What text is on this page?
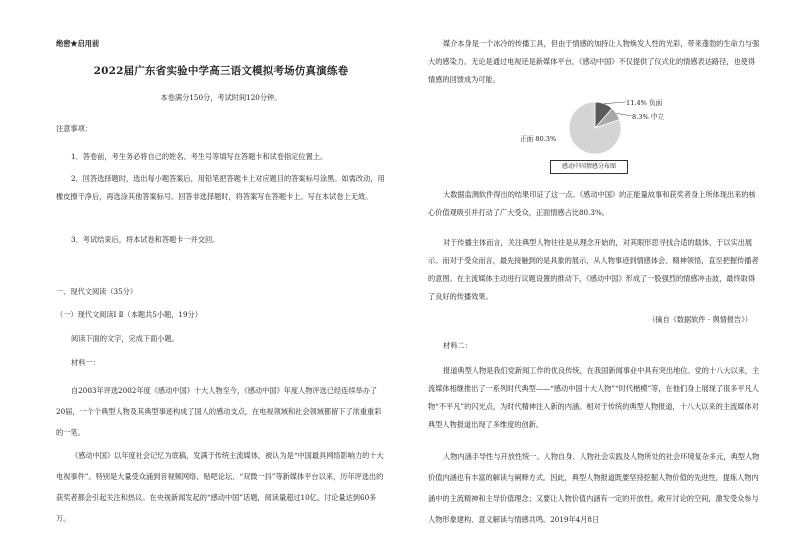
绝密★启用前
2022届广东省实验中学高三语文模拟考场仿真演练卷
本卷满分150分，考试时间120分钟。
注意事项：
1．答卷前，考生务必将自己的姓名、考生号等填写在答题卡和试卷指定位置上。
2．回答选择题时，选出每小题答案后，用铅笔把答题卡上对应题目的答案标号涂黑。如需改动，用橡皮擦干净后，再选涂其他答案标号。回答非选择题时，将答案写在答题卡上。写在本试卷上无效。
3．考试结束后，将本试卷和答题卡一并交回。
一、现代文阅读（35分）
（一）现代文阅读Ⅰ Ⅱ（本题共5小题，19分）
阅读下面的文字，完成下面小题。
材料一：
自2003年评选2002年度《感动中国》十大人物至今，《感动中国》年度人物评选已经连续举办了20届，一个个典型人物及其典型事迹构成了国人的感动支点，在电视领域和社会领域都留下了浓重重彩的一笔。
《感动中国》以年度社会记忆为底稿，发满于传统主流媒体，被认为是“中国最具网络影响力的十大电视事件”。特别是大量受众涌到音视频网络、贴吧论坛、“双微一抖”等新媒体平台以来，历年评选出的获奖者都会引起关注和热议。在央视新闻发起的“感动中国”话题，阅读量超过10亿，讨论量达到60多万。
媒介本身是一个冰冷的传播工具，但由于情感的加持让人物焕发人性的光彩，带来蓬勃的生命力与强大的感染力。无论是通过电视还是新媒体平台，《感动中国》不仅提供了仪式化的情感表达路径，也使得情感的回馈成为可能。
11.4% 负面
8.3% 中立
正面 80.3%
感动中国情感分布图
大数据监测软件得出的结果印证了这一点。《感动中国》的正能量故事和获奖者身上所体现出来的核心价值观吸引并打动了广大受众，正面情感占比80.3%。
对于传播主体而言，关注典型人物往往是从理念开始的，对其眼形思寻找合适的载体，于以实出展示。而对于受众而言，最先接触到的是具象的展示，从人物事迹到情感体会、精神领悟，直至把握传播者的意图。在主流媒体主动进行议题设置的推动下，《感动中国》形成了一股强烈的情感冲击波，最终取得了良好的传播效果。
（摘自《数据软件 · 舆情报告》）
材料二：
报道典型人物是我们党新闻工作的优良传统，在我国新闻事业中具有突出地位。党的十八大以来，主流媒体相继推出了一系列时代典型——“感动中国十大人物”“时代楷模”等，在他们身上展现了很多平凡人物“不平凡”的闪光点，为时代精神注入新的内涵。相对于传统的典型人物报道，十八大以来的主流媒体对典型人物报道出现了多维度的创新。
人物内涵手导性与开放性统一。人物自身、人物社会实践及人物所处的社会环境复杂多元，典型人物价值内涵也有丰富的解读与阐释方式。因此，典型人物报道既要坚持挖掘人物价值的先进性，提炼人物内涵中的主流精神和主导价值理念；又要让人物价值内涵有一定的开放性，敞开讨论的空间，激发受众参与人物形象建构、意义解读与情感共鸣。2019年4月8日
